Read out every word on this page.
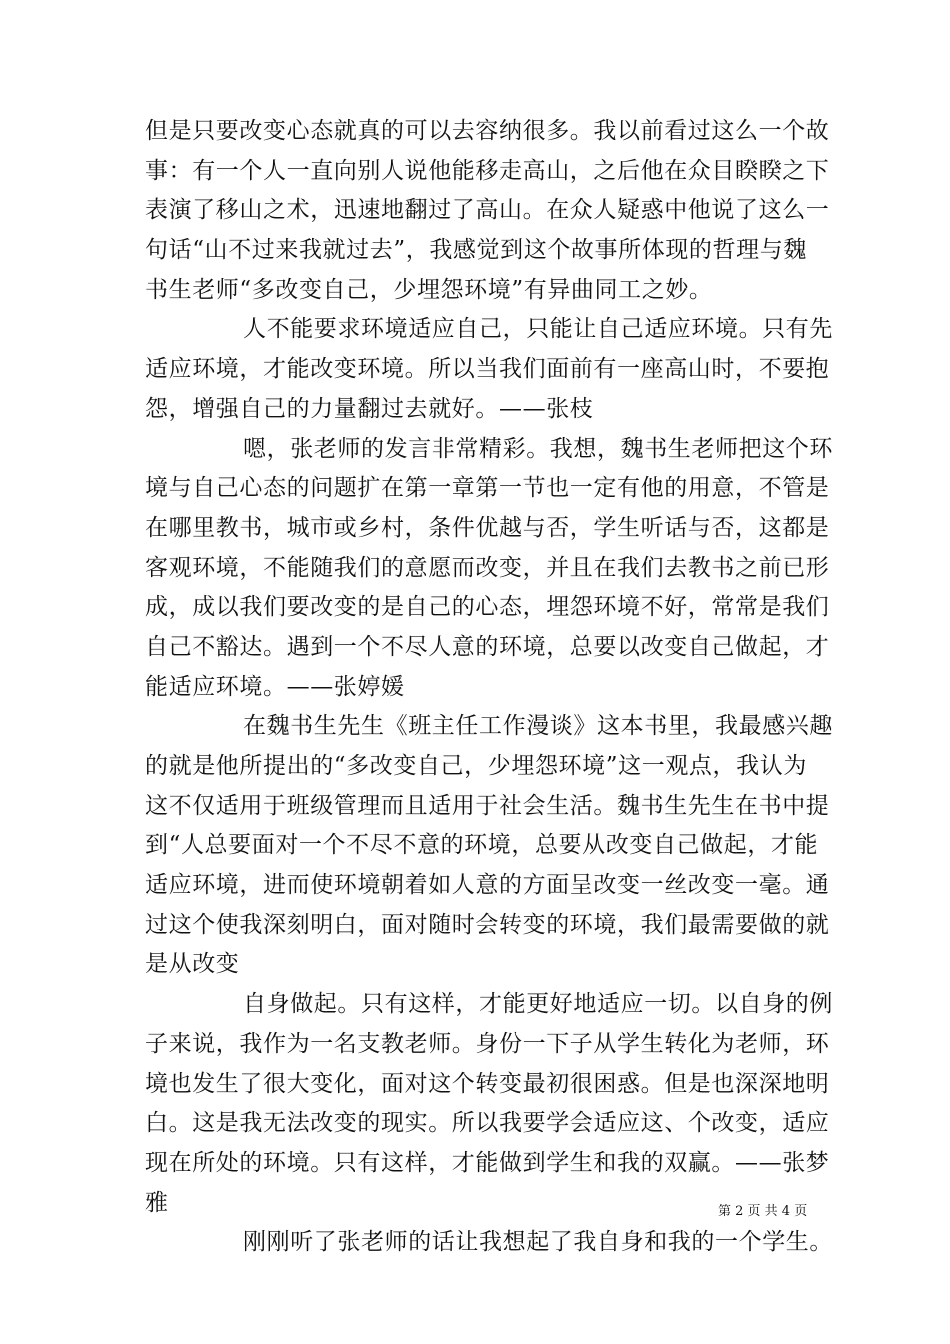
但是只要改变心态就真的可以去容纳很多。我以前看过这么一个故
事：有一个人一直向别人说他能移走高山，之后他在众目睽睽之下
表演了移山之术，迅速地翻过了高山。在众人疑惑中他说了这么一
句话“山不过来我就过去”，我感觉到这个故事所体现的哲理与魏
书生老师“多改变自己，少埋怨环境”有异曲同工之妙。
人不能要求环境适应自己，只能让自己适应环境。只有先
适应环境，才能改变环境。所以当我们面前有一座高山时，不要抱
怨，增强自己的力量翻过去就好。——张枝
嗯，张老师的发言非常精彩。我想，魏书生老师把这个环
境与自己心态的问题扩在第一章第一节也一定有他的用意，不管是
在哪里教书，城市或乡村，条件优越与否，学生听话与否，这都是
客观环境，不能随我们的意愿而改变，并且在我们去教书之前已形
成，成以我们要改变的是自己的心态，埋怨环境不好，常常是我们
自己不豁达。遇到一个不尽人意的环境，总要以改变自己做起，才
能适应环境。——张婷媛
在魏书生先生《班主任工作漫谈》这本书里，我最感兴趣
的就是他所提出的“多改变自己，少埋怨环境”这一观点，我认为
这不仅适用于班级管理而且适用于社会生活。魏书生先生在书中提
到“人总要面对一个不尽不意的环境，总要从改变自己做起，才能
适应环境，进而使环境朝着如人意的方面呈改变一丝改变一毫。通
过这个使我深刻明白，面对随时会转变的环境，我们最需要做的就
是从改变
自身做起。只有这样，才能更好地适应一切。以自身的例
子来说，我作为一名支教老师。身份一下子从学生转化为老师，环
境也发生了很大变化，面对这个转变最初很困惑。但是也深深地明
白。这是我无法改变的现实。所以我要学会适应这、个改变，适应
现在所处的环境。只有这样，才能做到学生和我的双赢。——张梦
雅
刚刚听了张老师的话让我想起了我自身和我的一个学生。
第 2 页 共 4 页
